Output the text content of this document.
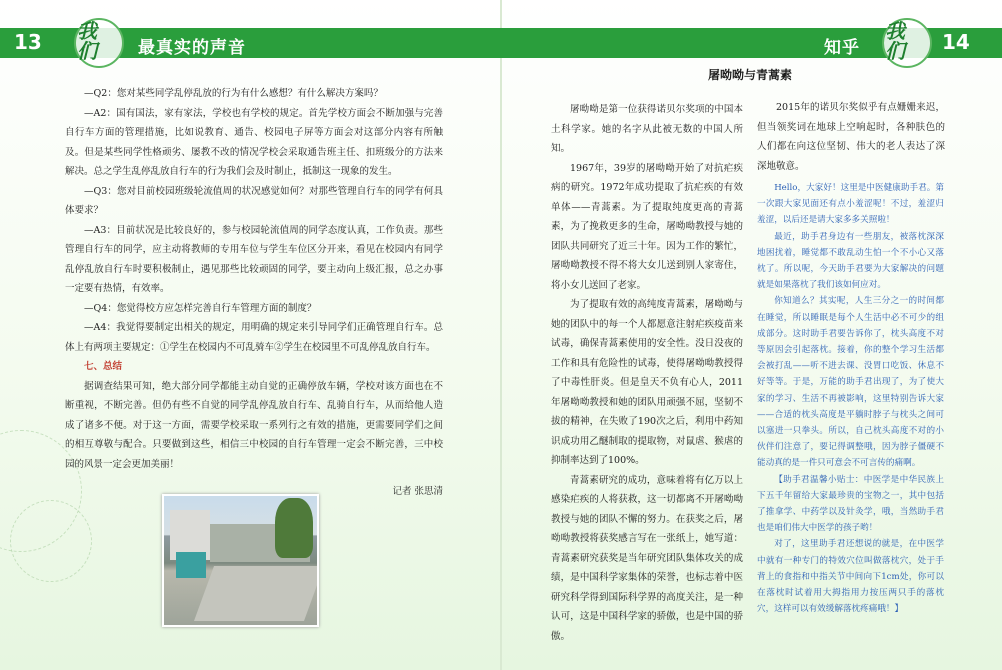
13 我们 最真实的声音

—Q2：您对某些同学乱停乱放的行为有什么感想？有什么解决方案吗？

—A2：国有国法，家有家法，学校也有学校的规定。首先学校方面会不断加强与完善自行车方面的管理措施，比如说教育、通告、校园电子屏等方面会对这部分内容有所触及。但是某些同学性格顽劣、屡教不改的情况学校会采取通告班主任、扣班级分的方法来解决。总之学生乱停乱放自行车的行为我们会及时制止，抵制这一现象的发生。

—Q3：您对目前校园班级轮流值周的状况感觉如何？对那些管理自行车的同学有何具体要求？

—A3：目前状况是比较良好的，参与校园轮流值周的同学态度认真，工作负责。那些管理自行车的同学，应主动将教师的专用车位与学生车位区分开来，看见在校园内有同学乱停乱放自行车时要积极制止，遇见那些比较顽固的同学，要主动向上级汇报，总之办事一定要有热情，有效率。

—Q4：您觉得校方应怎样完善自行车管理方面的制度？

—A4：我觉得要制定出相关的规定，用明确的规定来引导同学们正确管理自行车。总体上有两项主要规定：①学生在校园内不可乱骑车②学生在校园里不可乱停乱放自行车。

七、总结

据调查结果可知，绝大部分同学都能主动自觉的正确停放车辆，学校对该方面也在不断重视，不断完善。但仍有些不自觉的同学乱停乱放自行车、乱骑自行车，从而给他人造成了诸多不便。对于这一方面，需要学校采取一系列行之有效的措施，更需要同学们之间的相互尊敬与配合。只要做到这些，相信三中校园的自行车管理一定会不断完善，三中校园的风景一定会更加美丽！

记者 张思清

知乎
我们 14
屠呦呦与青蒿素

屠呦呦是第一位获得诺贝尔奖项的中国本土科学家。她的名字从此被无数的中国人所知。

1967年，39岁的屠呦呦开始了对抗疟疾病的研究。1972年成功提取了抗疟疾的有效单体——青蒿素。为了提取纯度更高的青蒿素，为了挽救更多的生命，屠呦呦教授与她的团队共同研究了近三十年。因为工作的繁忙，屠呦呦教授不得不将大女儿送到别人家寄住，将小女儿送回了老家。

为了提取有效的高纯度青蒿素，屠呦呦与她的团队中的每一个人都愿意注射疟疾疫苗来试毒，确保青蒿素使用的安全性。没日没夜的工作和具有危险性的试毒，使得屠呦呦教授得了中毒性肝炎。但是皇天不负有心人，2011年屠呦呦教授和她的团队用顽强不屈，坚韧不拔的精神，在失败了190次之后，利用中药知识成功用乙醚制取的提取物，对鼠虐、猴虐的抑制率达到了100%。

青蒿素研究的成功，意味着将有亿万以上感染疟疾的人将获救，这一切都离不开屠呦呦教授与她的团队不懈的努力。在获奖之后，屠呦呦教授将获奖感言写在一张纸上，她写道：青蒿素研究获奖是当年研究团队集体攻关的成绩，是中国科学家集体的荣誉，也标志着中医研究科学得到国际科学界的高度关注，是一种认可，这是中国科学家的骄傲，也是中国的骄傲。

2015年的诺贝尔奖似乎有点姗姗来迟，但当领奖词在地球上空响起时，各种肤色的人们都在向这位坚韧、伟大的老人表达了深深地敬意。

Hello，大家好！这里是中医健康助手君。第一次跟大家见面还有点小羞涩呢！不过，羞涩归羞涩，以后还是请大家多多关照啦！

最近，助手君身边有一些朋友，被落枕深深地困扰着，睡觉都不敢乱动生怕一个不小心又落枕了。所以呢，今天助手君要为大家解决的问题就是如果落枕了我们该如何应对。

你知道么？其实呢，人生三分之一的时间都在睡觉，所以睡眠是每个人生活中必不可少的组成部分。这时助手君要告诉你了，枕头高度不对等原因会引起落枕。接着，你的整个学习生活都会被打乱——听不进去课、没胃口吃饭、休息不好等等。于是，万能的助手君出现了，为了使大家的学习、生活不再被影响，这里特别告诉大家——合适的枕头高度是平躺时脖子与枕头之间可以塞进一只拳头。所以，自己枕头高度不对的小伙伴们注意了，要记得调整哦，因为脖子僵硬不能动真的是一件只可意会不可言传的痛啊。

【助手君温馨小贴士：中医学是中华民族上下五千年留给大家最珍贵的宝物之一，其中包括了推拿学、中药学以及针灸学，哦，当然助手君也是咱们伟大中医学的孩子哟！

对了，这里助手君还想说的就是，在中医学中就有一种专门的特效穴位叫做落枕穴，处于手背上的食指和中指关节中间向下1cm处，你可以在落枕时试着用大拇指用力按压两只手的落枕穴，这样可以有效缓解落枕疼痛哦！】
